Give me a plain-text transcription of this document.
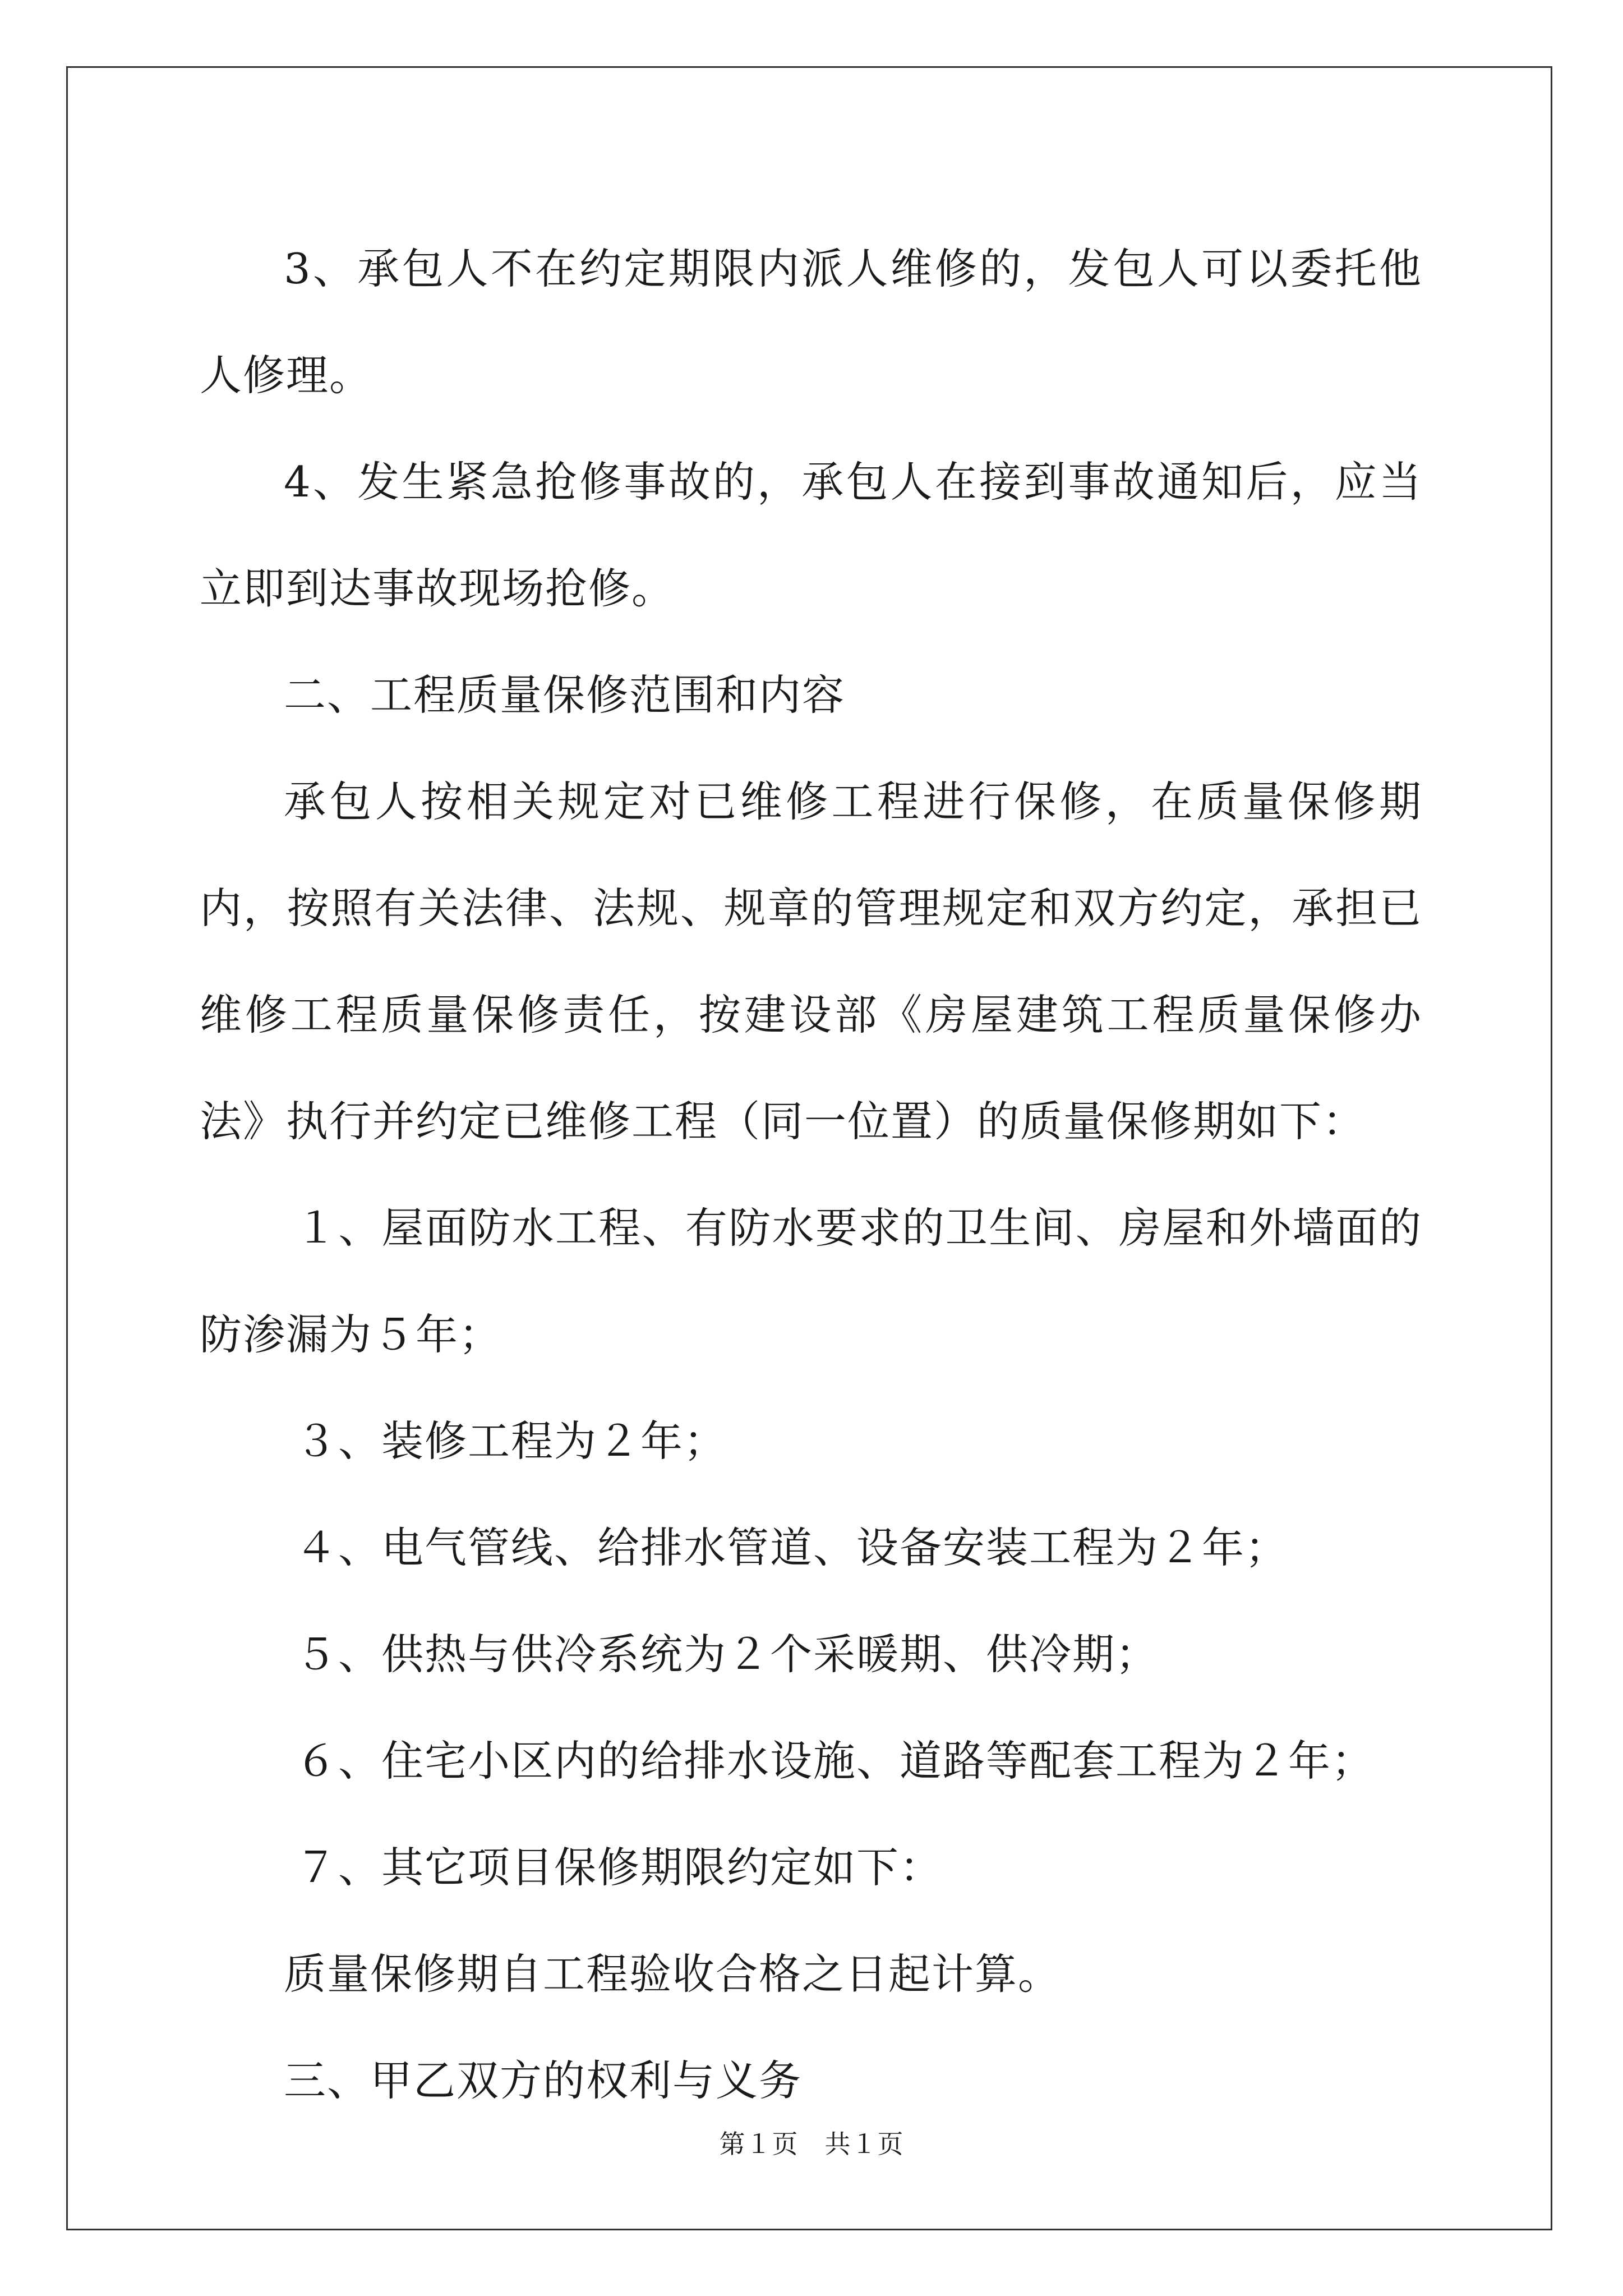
3、承包人不在约定期限内派人维修的，发包人可以委托他人修理。

4、发生紧急抢修事故的，承包人在接到事故通知后，应当立即到达事故现场抢修。

二、工程质量保修范围和内容

承包人按相关规定对已维修工程进行保修，在质量保修期内，按照有关法律、法规、规章的管理规定和双方约定，承担已维修工程质量保修责任，按建设部《房屋建筑工程质量保修办法》执行并约定已维修工程（同一位置）的质量保修期如下：

１、屋面防水工程、有防水要求的卫生间、房屋和外墙面的防渗漏为５年；

３、装修工程为２年；

４、电气管线、给排水管道、设备安装工程为２年；

５、供热与供冷系统为２个采暖期、供冷期；

６、住宅小区内的给排水设施、道路等配套工程为２年；

７、其它项目保修期限约定如下：

质量保修期自工程验收合格之日起计算。

三、甲乙双方的权利与义务

第１页　共１页
